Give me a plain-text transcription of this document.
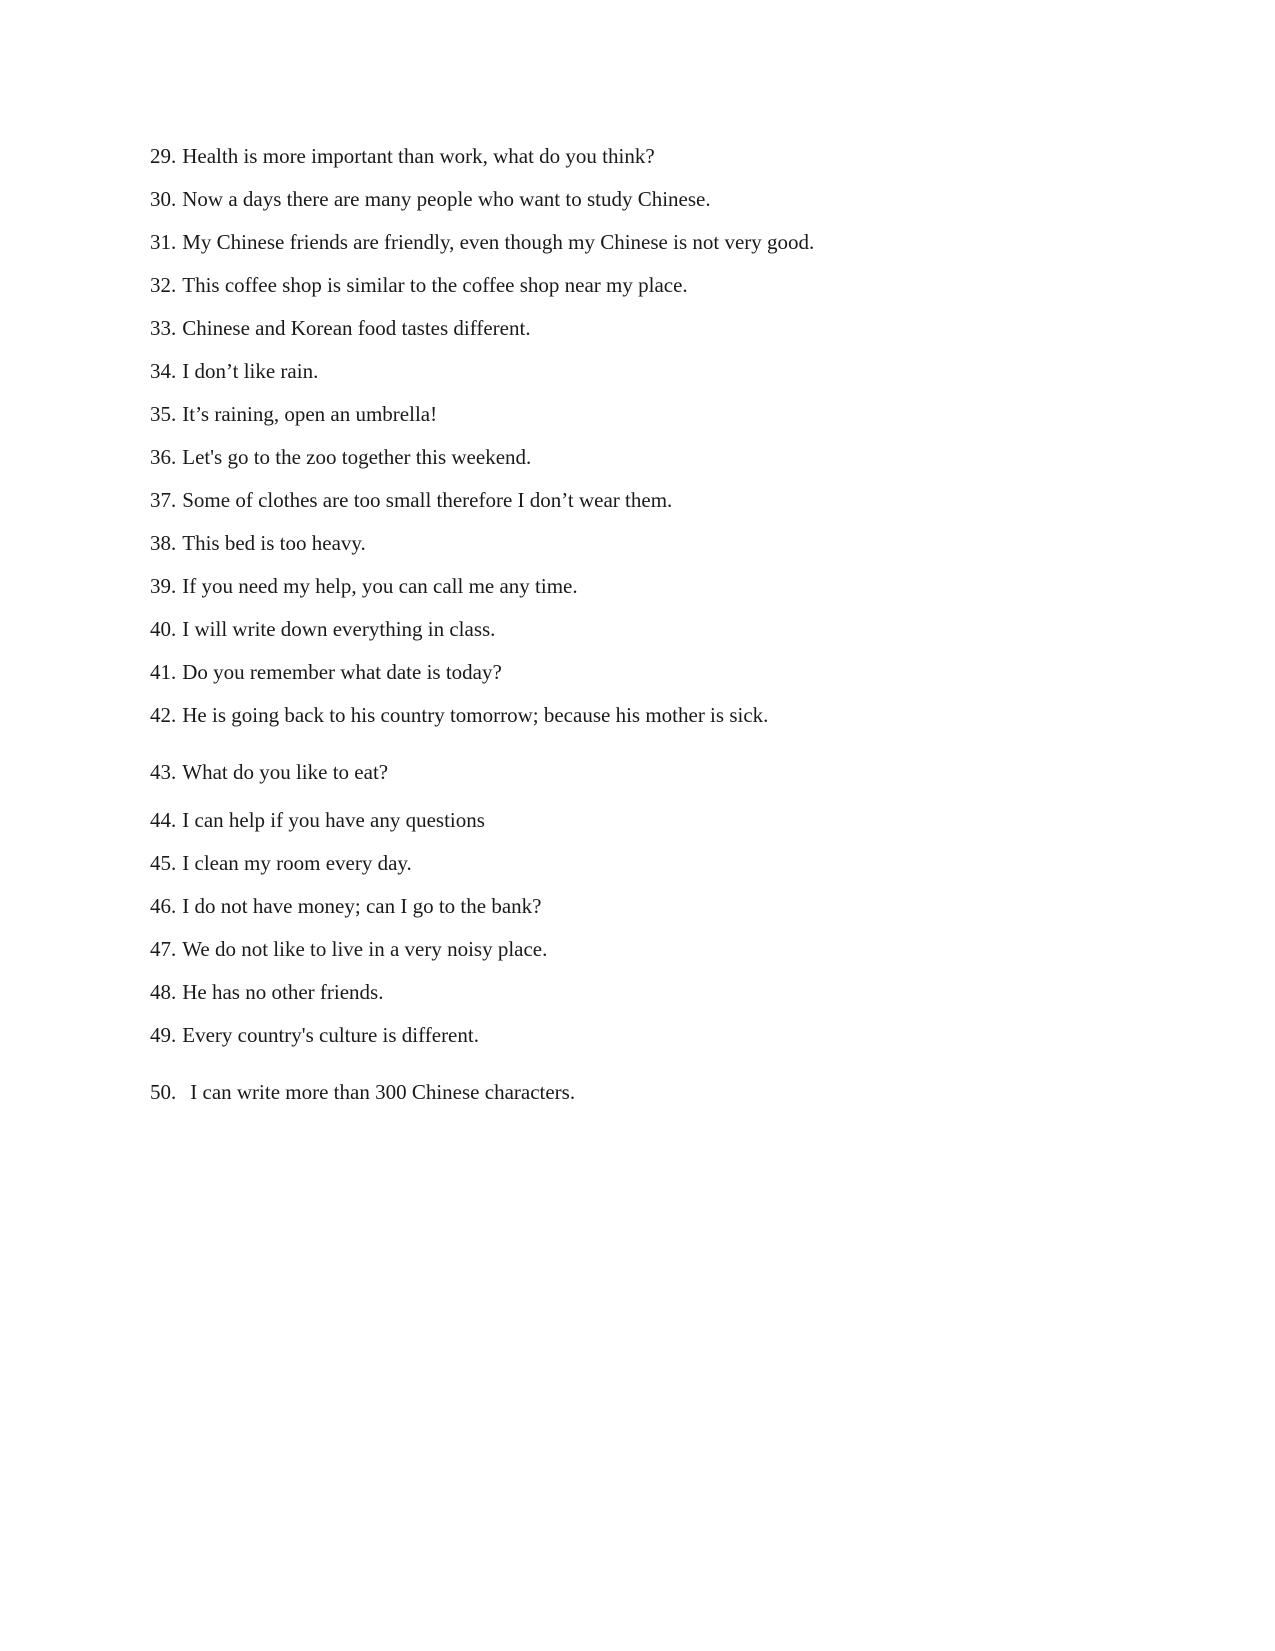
29. Health is more important than work, what do you think?

30. Now a days there are many people who want to study Chinese.

31. My Chinese friends are friendly, even though my Chinese is not very good.

32. This coffee shop is similar to the coffee shop near my place.

33. Chinese and Korean food tastes different.

34. I don’t like rain.

35. It’s raining, open an umbrella!

36. Let's go to the zoo together this weekend.

37. Some of clothes are too small therefore I don’t wear them.

38. This bed is too heavy.

39. If you need my help, you can call me any time.

40. I will write down everything in class.

41. Do you remember what date is today?

42. He is going back to his country tomorrow; because his mother is sick.

43. What do you like to eat?

44. I can help if you have any questions

45. I clean my room every day.

46. I do not have money; can I go to the bank?

47. We do not like to live in a very noisy place.

48. He has no other friends.

49. Every country's culture is different.

50. I can write more than 300 Chinese characters.
